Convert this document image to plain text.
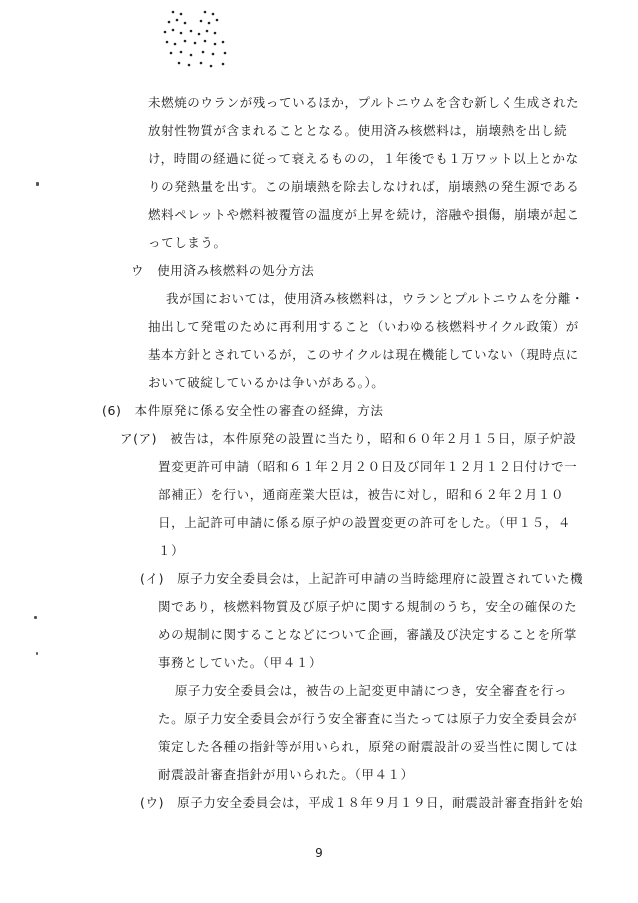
9
未燃焼のウランが残っているほか，プルトニウムを含む新しく生成された
放射性物質が含まれることとなる。使用済み核燃料は，崩壊熱を出し続
け，時間の経過に従って衰えるものの，１年後でも１万ワット以上とかな
りの発熱量を出す。この崩壊熱を除去しなければ，崩壊熱の発生源である
燃料ペレットや燃料被覆管の温度が上昇を続け，溶融や損傷，崩壊が起こ
ってしまう。
ウ　使用済み核燃料の処分方法
我が国においては，使用済み核燃料は，ウランとプルトニウムを分離・
抽出して発電のために再利用すること（いわゆる核燃料サイクル政策）が
基本方針とされているが，このサイクルは現在機能していない（現時点に
おいて破綻しているかは争いがある。）。
(6)　本件原発に係る安全性の審査の経緯，方法
ア(ア)　被告は，本件原発の設置に当たり，昭和６０年２月１５日，原子炉設
置変更許可申請（昭和６１年２月２０日及び同年１２月１２日付けで一
部補正）を行い，通商産業大臣は，被告に対し，昭和６２年２月１０
日，上記許可申請に係る原子炉の設置変更の許可をした。（甲１５，４
１）
(イ)　原子力安全委員会は，上記許可申請の当時総理府に設置されていた機
関であり，核燃料物質及び原子炉に関する規制のうち，安全の確保のた
めの規制に関することなどについて企画，審議及び決定することを所掌
事務としていた。（甲４１）
原子力安全委員会は，被告の上記変更申請につき，安全審査を行っ
た。原子力安全委員会が行う安全審査に当たっては原子力安全委員会が
策定した各種の指針等が用いられ，原発の耐震設計の妥当性に関しては
耐震設計審査指針が用いられた。（甲４１）
(ウ)　原子力安全委員会は，平成１８年９月１９日，耐震設計審査指針を始
